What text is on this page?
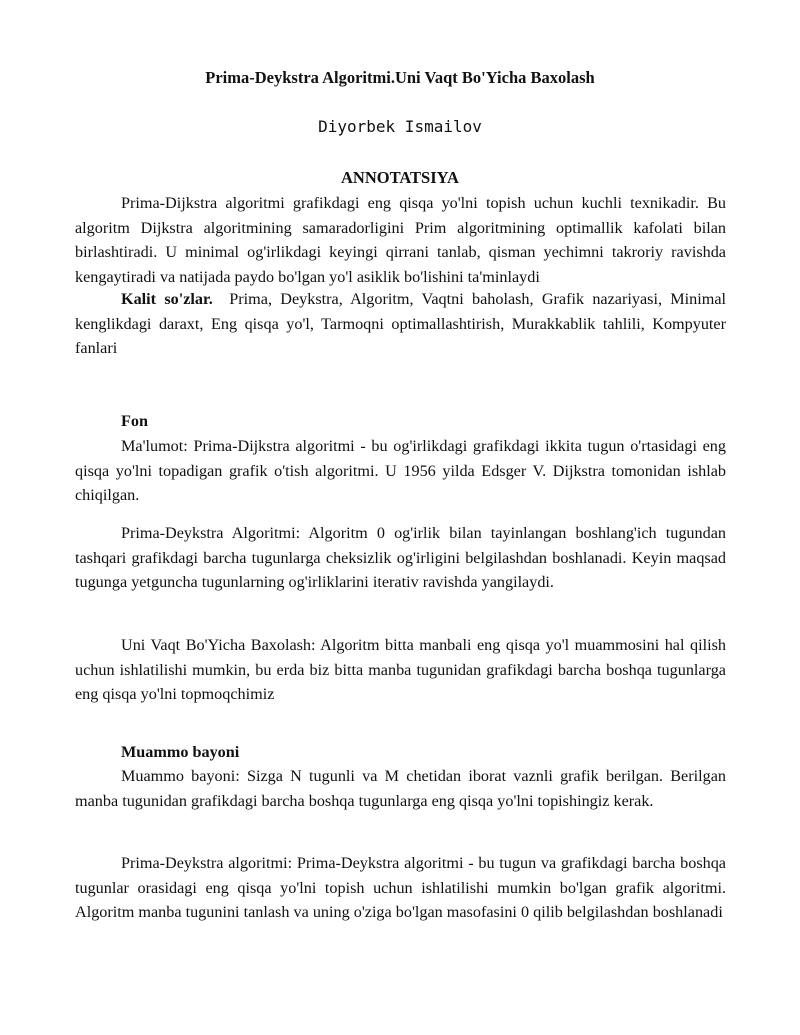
Prima-Deykstra Algoritmi.Uni Vaqt Bo'Yicha Baxolash
Diyorbek Ismailov
ANNOTATSIYA

Prima-Dijkstra algoritmi grafikdagi eng qisqa yo'lni topish uchun kuchli texnikadir. Bu algoritm Dijkstra algoritmining samaradorligini Prim algoritmining optimallik kafolati bilan birlashtiradi. U minimal og'irlikdagi keyingi qirrani tanlab, qisman yechimni takroriy ravishda kengaytiradi va natijada paydo bo'lgan yo'l asiklik bo'lishini ta'minlaydi

Kalit so'zlar. Prima, Deykstra, Algoritm, Vaqtni baholash, Grafik nazariyasi, Minimal kenglikdagi daraxt, Eng qisqa yo'l, Tarmoqni optimallashtirish, Murakkablik tahlili, Kompyuter fanlari

Fon

Ma'lumot: Prima-Dijkstra algoritmi - bu og'irlikdagi grafikdagi ikkita tugun o'rtasidagi eng qisqa yo'lni topadigan grafik o'tish algoritmi. U 1956 yilda Edsger V. Dijkstra tomonidan ishlab chiqilgan.

Prima-Deykstra Algoritmi: Algoritm 0 og'irlik bilan tayinlangan boshlang'ich tugundan tashqari grafikdagi barcha tugunlarga cheksizlik og'irligini belgilashdan boshlanadi. Keyin maqsad tugunga yetguncha tugunlarning og'irliklarini iterativ ravishda yangilaydi.

Uni Vaqt Bo'Yicha Baxolash: Algoritm bitta manbali eng qisqa yo'l muammosini hal qilish uchun ishlatilishi mumkin, bu erda biz bitta manba tugunidan grafikdagi barcha boshqa tugunlarga eng qisqa yo'lni topmoqchimiz

Muammo bayoni

Muammo bayoni: Sizga N tugunli va M chetidan iborat vaznli grafik berilgan. Berilgan manba tugunidan grafikdagi barcha boshqa tugunlarga eng qisqa yo'lni topishingiz kerak.

Prima-Deykstra algoritmi: Prima-Deykstra algoritmi - bu tugun va grafikdagi barcha boshqa tugunlar orasidagi eng qisqa yo'lni topish uchun ishlatilishi mumkin bo'lgan grafik algoritmi. Algoritm manba tugunini tanlash va uning o'ziga bo'lgan masofasini 0 qilib belgilashdan boshlanadi
